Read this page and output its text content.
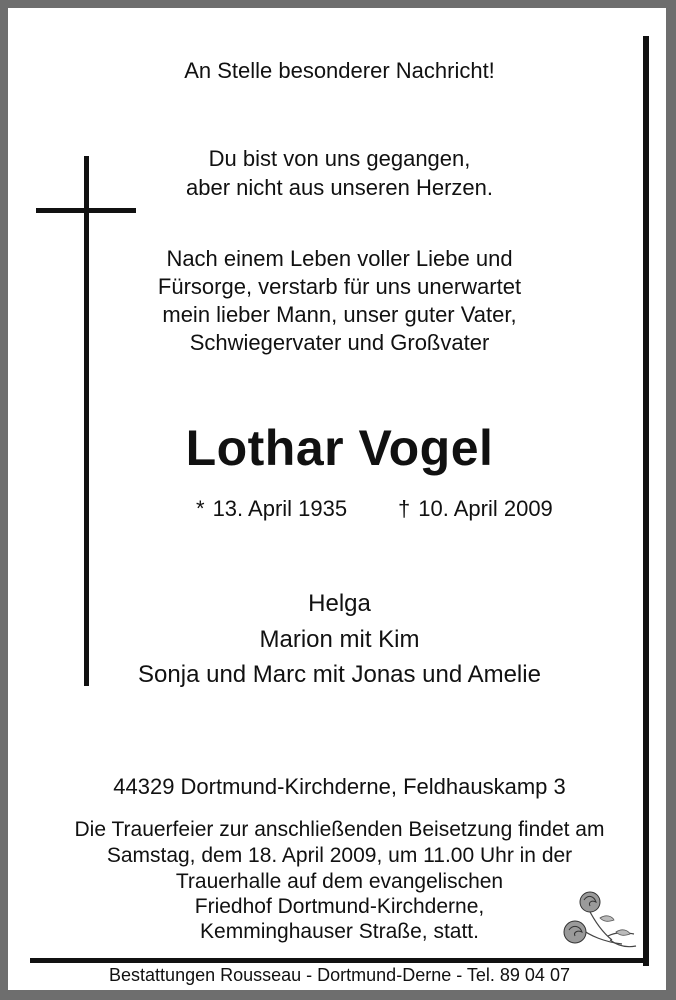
An Stelle besonderer Nachricht!
Du bist von uns gegangen,
aber nicht aus unseren Herzen.
Nach einem Leben voller Liebe und
Fürsorge, verstarb für uns unerwartet
mein lieber Mann, unser guter Vater,
Schwiegervater und Großvater
Lothar Vogel
* 13. April 1935 † 10. April 2009
Helga
Marion mit Kim
Sonja und Marc mit Jonas und Amelie
44329 Dortmund-Kirchderne, Feldhauskamp 3
Die Trauerfeier zur anschließenden Beisetzung findet am
Samstag, dem 18. April 2009, um 11.00 Uhr in der
Trauerhalle auf dem evangelischen
Friedhof Dortmund-Kirchderne,
Kemminghauser Straße, statt.
Bestattungen Rousseau - Dortmund-Derne - Tel. 89 04 07
